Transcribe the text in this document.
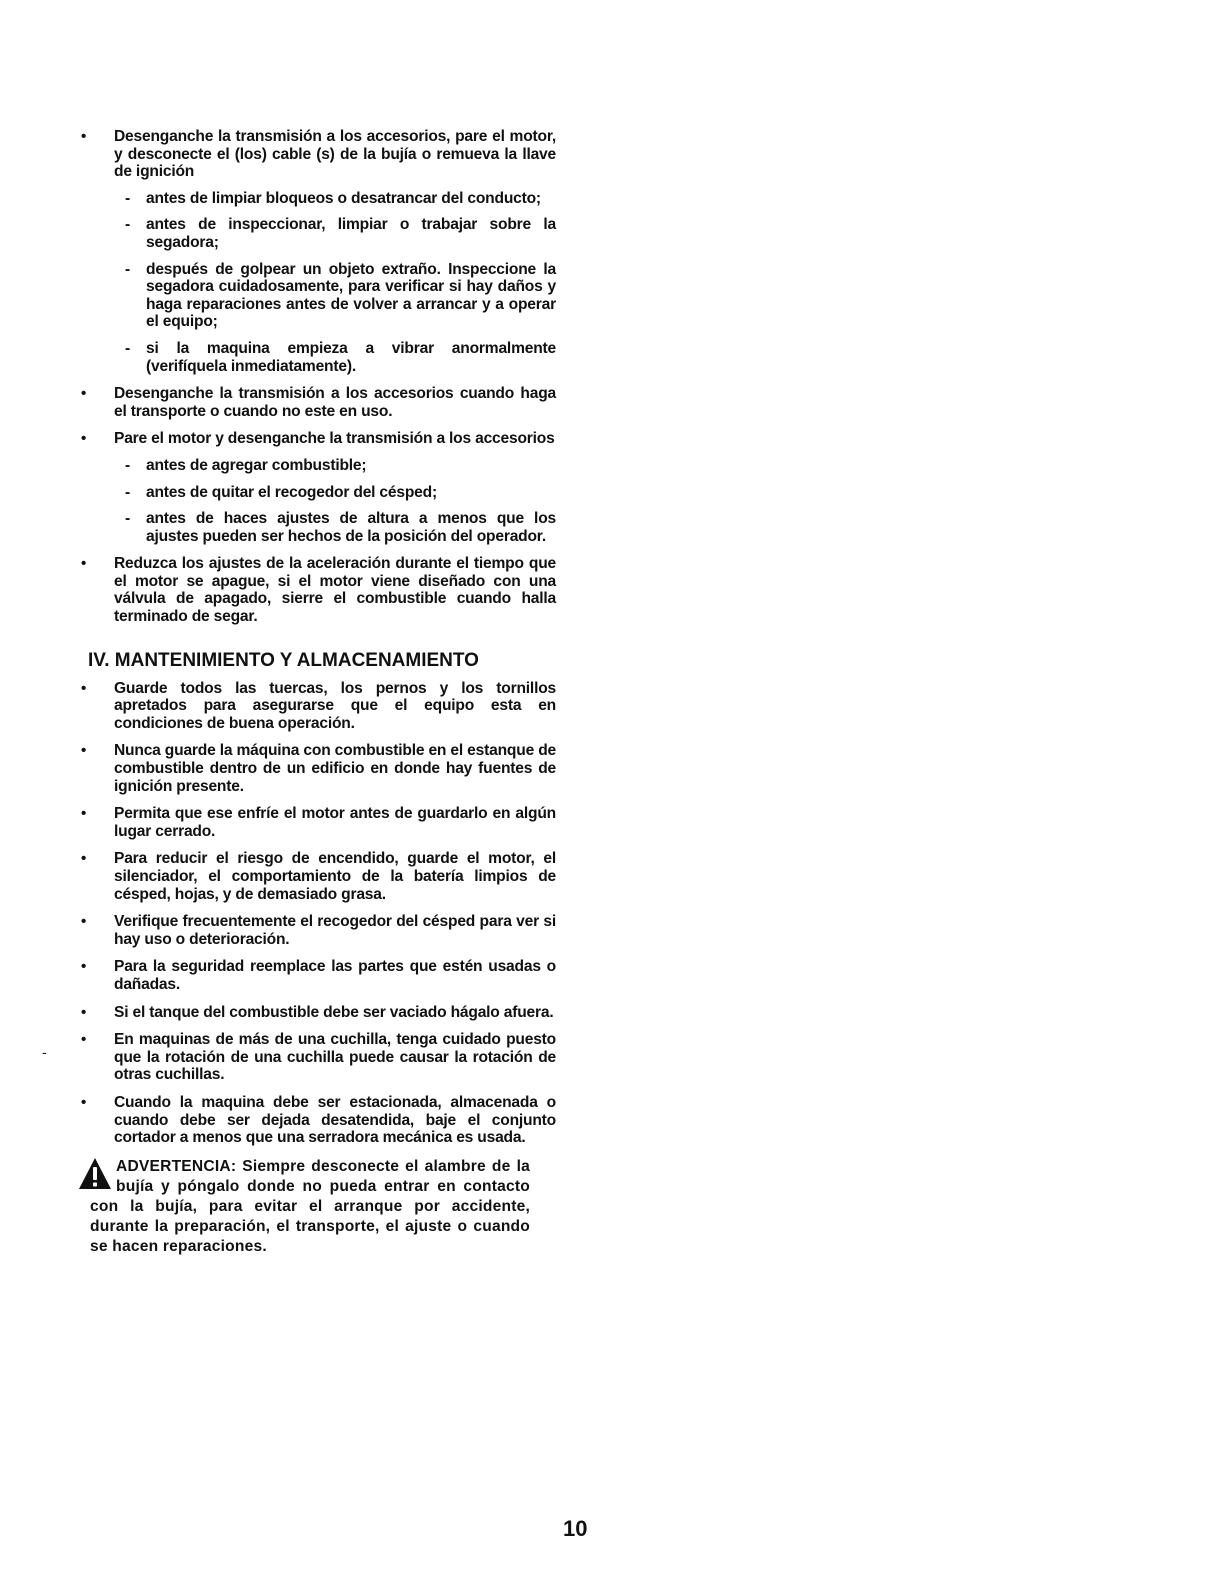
• Desenganche la transmisión a los accesorios, pare el motor, y desconecte el (los) cable (s) de la bujía o remueva la llave de ignición
- antes de limpiar bloqueos o desatrancar del conducto;
- antes de inspeccionar, limpiar o trabajar sobre la segadora;
- después de golpear un objeto extraño. Inspeccione la segadora cuidadosamente, para verificar si hay daños y haga reparaciones antes de volver a arrancar y a operar el equipo;
- si la maquina empieza a vibrar anormalmente (verifíquela inmediatamente).
• Desenganche la transmisión a los accesorios cuando haga el transporte o cuando no este en uso.
• Pare el motor y desenganche la transmisión a los accesorios
- antes de agregar combustible;
- antes de quitar el recogedor del césped;
- antes de haces ajustes de altura a menos que los ajustes pueden ser hechos de la posición del operador.
• Reduzca los ajustes de la aceleración durante el tiempo que el motor se apague, si el motor viene diseñado con una válvula de apagado, sierre el combustible cuando halla terminado de segar.
IV. MANTENIMIENTO Y ALMACENAMIENTO
• Guarde todos las tuercas, los pernos y los tornillos apretados para asegurarse que el equipo esta en condiciones de buena operación.
• Nunca guarde la máquina con combustible en el estanque de combustible dentro de un edificio en donde hay fuentes de ignición presente.
• Permita que ese enfríe el motor antes de guardarlo en algún lugar cerrado.
• Para reducir el riesgo de encendido, guarde el motor, el silenciador, el comportamiento de la batería limpios de césped, hojas, y de demasiado grasa.
• Verifique frecuentemente el recogedor del césped para ver si hay uso o deterioración.
• Para la seguridad reemplace las partes que estén usadas o dañadas.
• Si el tanque del combustible debe ser vaciado hágalo afuera.
• En maquinas de más de una cuchilla, tenga cuidado puesto que la rotación de una cuchilla puede causar la rotación de otras cuchillas.
• Cuando la maquina debe ser estacionada, almacenada o cuando debe ser dejada desatendida, baje el conjunto cortador a menos que una serradora mecánica es usada.
ADVERTENCIA: Siempre desconecte el alambre de la bujía y póngalo donde no pueda entrar en contacto con la bujía, para evitar el arranque por accidente, durante la preparación, el transporte, el ajuste o cuando se hacen reparaciones.
-
10
